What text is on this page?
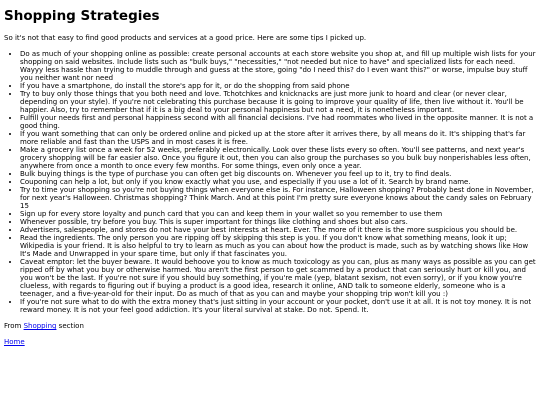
Shopping Strategies

So it's not that easy to find good products and services at a good price. Here are some tips I picked up.

• Do as much of your shopping online as possible: create personal accounts at each store website you shop at, and fill up multiple wish lists for your shopping on said websites. Include lists such as "bulk buys," "necessities," "not needed but nice to have" and specialized lists for each need. Wayyy less hassle than trying to muddle through and guess at the store, going "do I need this? do I even want this?" or worse, impulse buy stuff you neither want nor need
• If you have a smartphone, do install the store's app for it, or do the shopping from said phone
• Try to buy only those things that you both need and love. Tchotchkes and knicknacks are just more junk to hoard and clear (or never clear, depending on your style). If you're not celebrating this purchase because it is going to improve your quality of life, then live without it. You'll be happier. Also, try to remember that if it is a big deal to your personal happiness but not a need, it is nonetheless important.
• Fulfill your needs first and personal happiness second with all financial decisions. I've had roommates who lived in the opposite manner. It is not a good thing.
• If you want something that can only be ordered online and picked up at the store after it arrives there, by all means do it. It's shipping that's far more reliable and fast than the USPS and in most cases it is free.
• Make a grocery list once a week for 52 weeks, preferably electronically. Look over these lists every so often. You'll see patterns, and next year's grocery shopping will be far easier also. Once you figure it out, then you can also group the purchases so you bulk buy nonperishables less often, anywhere from once a month to once every few months. For some things, even only once a year.
• Bulk buying things is the type of purchase you can often get big discounts on. Whenever you feel up to it, try to find deals.
• Couponing can help a lot, but only if you know exactly what you use, and especially if you use a lot of it. Search by brand name.
• Try to time your shopping so you're not buying things when everyone else is. For instance, Halloween shopping? Probably best done in November, for next year's Halloween. Christmas shopping? Think March. And at this point I'm pretty sure everyone knows about the candy sales on February 15
• Sign up for every store loyalty and punch card that you can and keep them in your wallet so you remember to use them
• Whenever possible, try before you buy. This is super important for things like clothing and shoes but also cars.
• Advertisers, salespeople, and stores do not have your best interests at heart. Ever. The more of it there is the more suspicious you should be.
• Read the ingredients. The only person you are ripping off by skipping this step is you. If you don't know what something means, look it up; Wikipedia is your friend. It is also helpful to try to learn as much as you can about how the product is made, such as by watching shows like How It's Made and Unwrapped in your spare time, but only if that fascinates you.
• Caveat emptor: let the buyer beware. It would behoove you to know as much toxicology as you can, plus as many ways as possible as you can get ripped off by what you buy or otherwise harmed. You aren't the first person to get scammed by a product that can seriously hurt or kill you, and you won't be the last. If you're not sure if you should buy something, if you're male (yep, blatant sexism, not even sorry), or if you know you're clueless, with regards to figuring out if buying a product is a good idea, research it online, AND talk to someone elderly, someone who is a teenager, and a five-year-old for their input. Do as much of that as you can and maybe your shopping trip won't kill you :)
• If you're not sure what to do with the extra money that's just sitting in your account or your pocket, don't use it at all. It is not toy money. It is not reward money. It is not your feel good addiction. It's your literal survival at stake. Do not. Spend. It.

From Shopping section

Home
